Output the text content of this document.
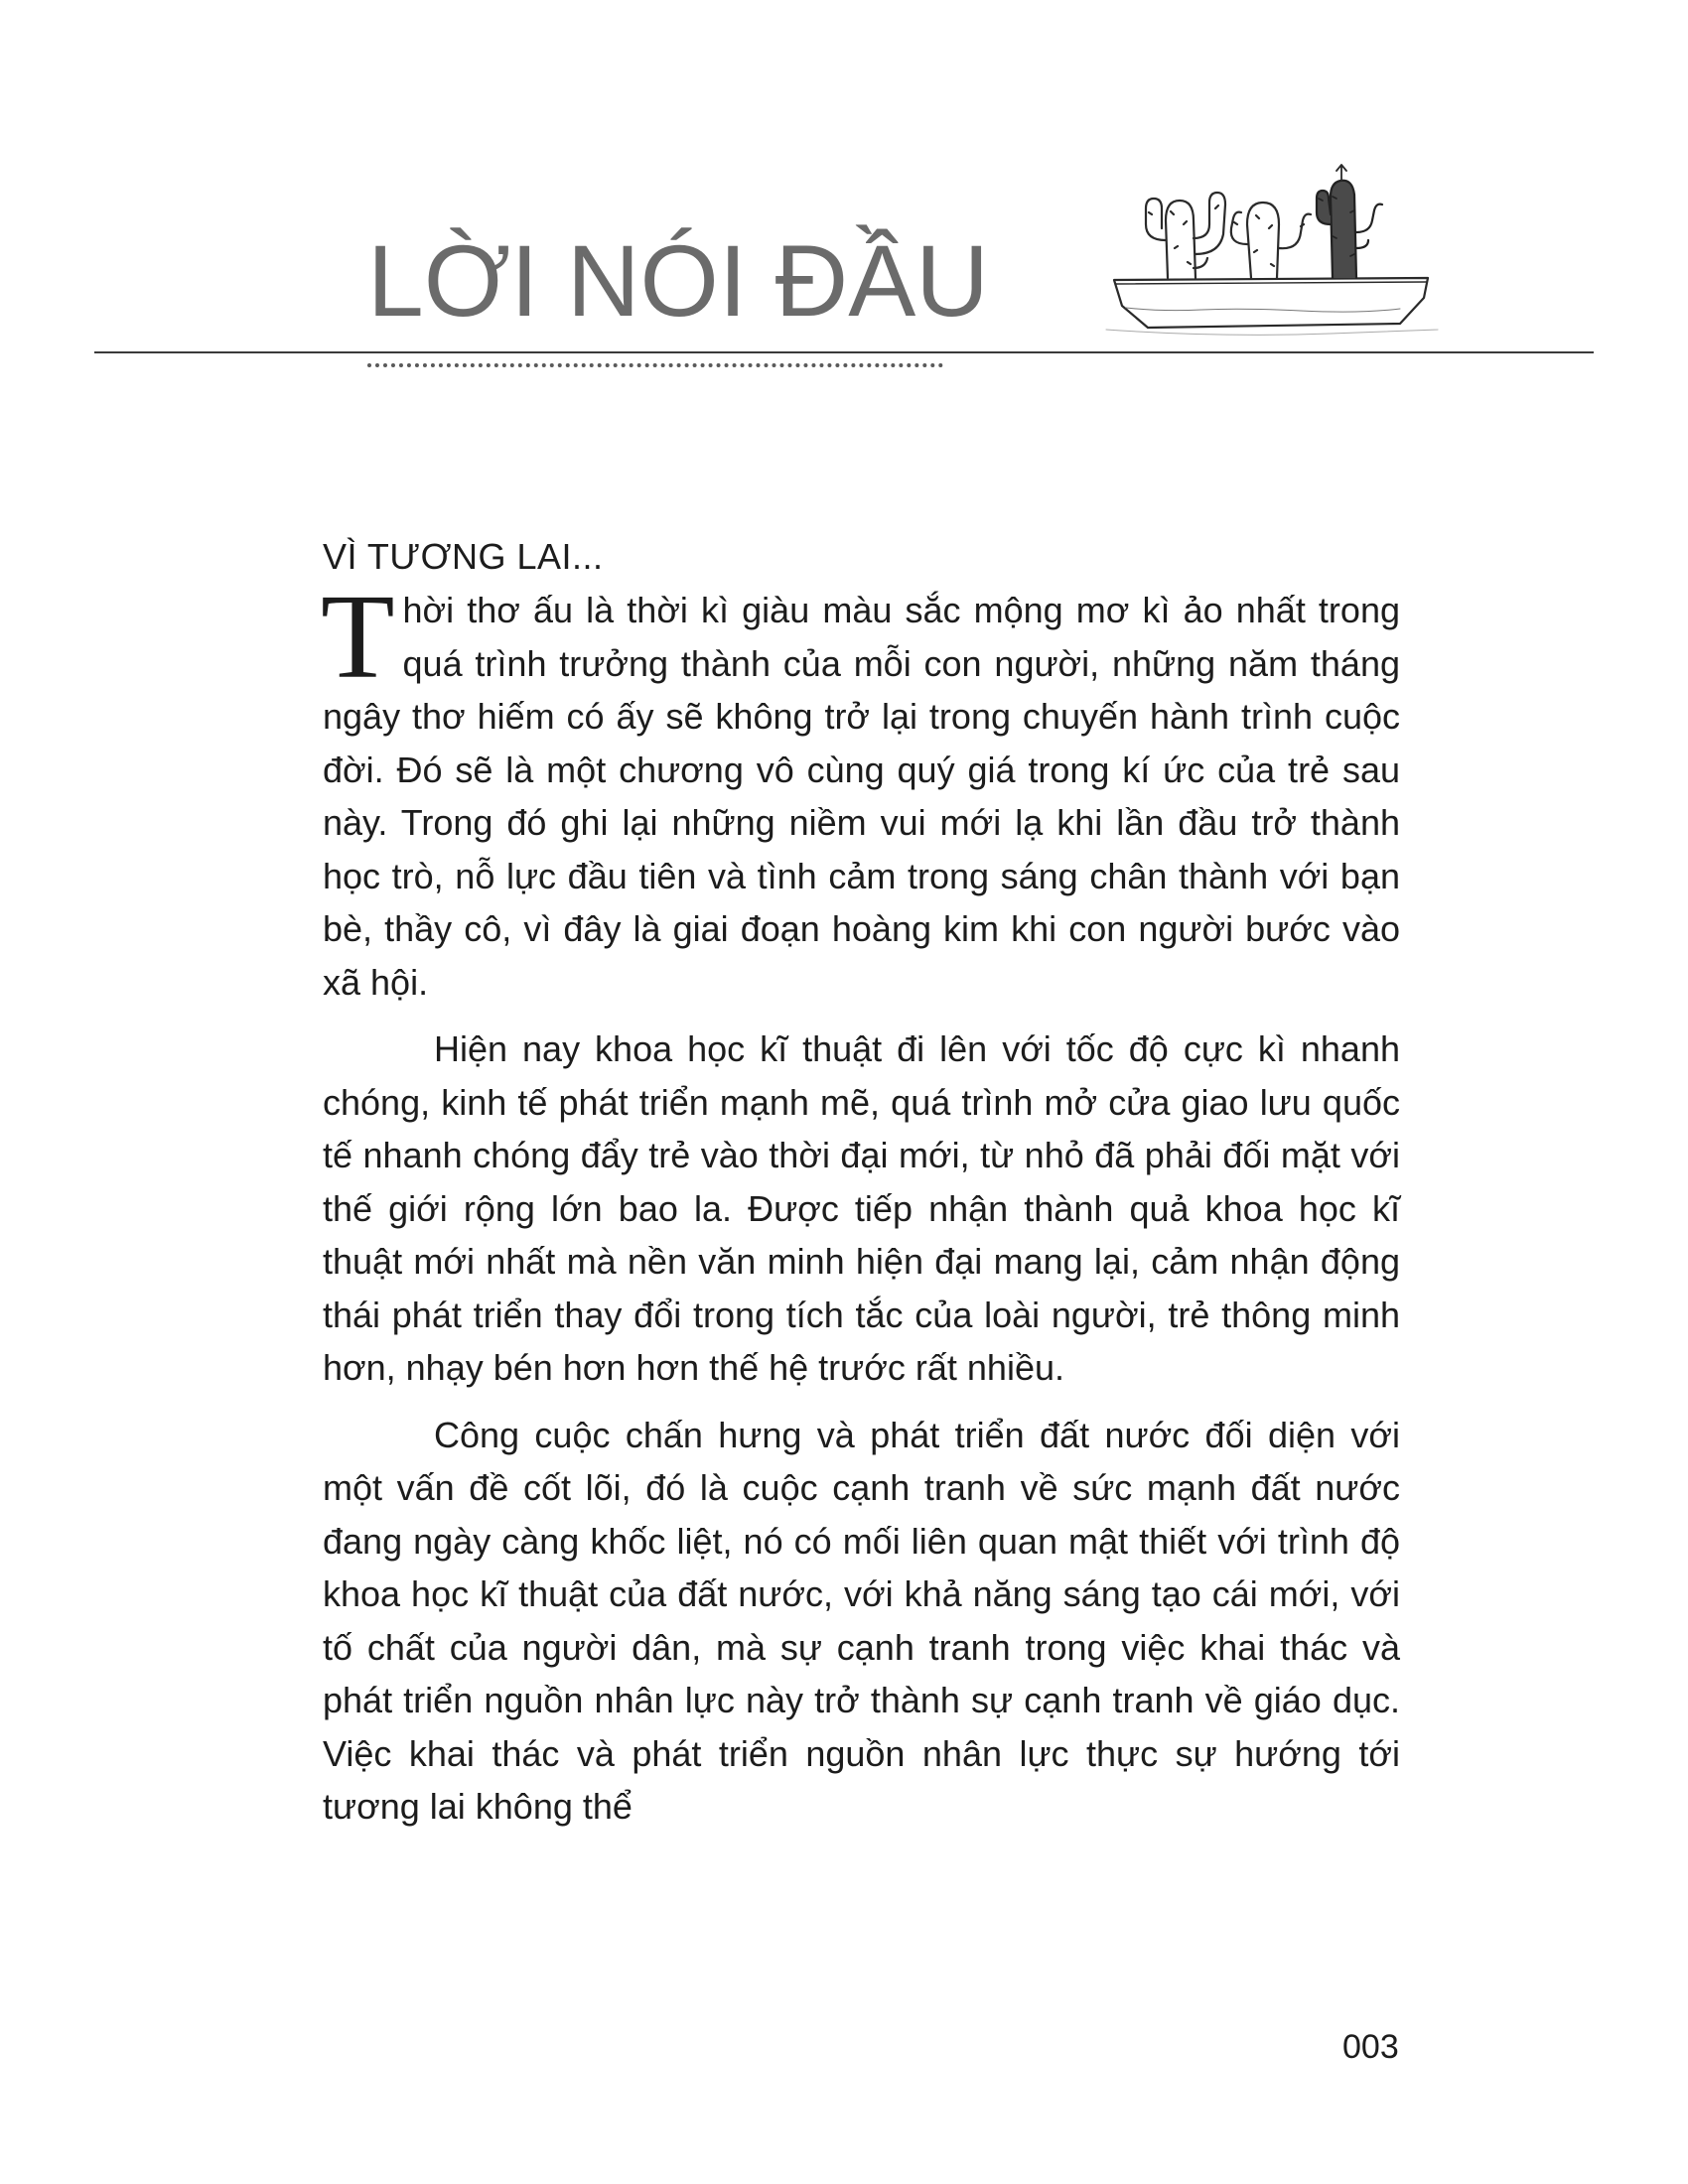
LỜI NÓI ĐẦU
VÌ TƯƠNG LAI...

Thời thơ ấu là thời kì giàu màu sắc mộng mơ kì ảo nhất trong quá trình trưởng thành của mỗi con người, những năm tháng ngây thơ hiếm có ấy sẽ không trở lại trong chuyến hành trình cuộc đời. Đó sẽ là một chương vô cùng quý giá trong kí ức của trẻ sau này. Trong đó ghi lại những niềm vui mới lạ khi lần đầu trở thành học trò, nỗ lực đầu tiên và tình cảm trong sáng chân thành với bạn bè, thầy cô, vì đây là giai đoạn hoàng kim khi con người bước vào xã hội.

Hiện nay khoa học kĩ thuật đi lên với tốc độ cực kì nhanh chóng, kinh tế phát triển mạnh mẽ, quá trình mở cửa giao lưu quốc tế nhanh chóng đẩy trẻ vào thời đại mới, từ nhỏ đã phải đối mặt với thế giới rộng lớn bao la. Được tiếp nhận thành quả khoa học kĩ thuật mới nhất mà nền văn minh hiện đại mang lại, cảm nhận động thái phát triển thay đổi trong tích tắc của loài người, trẻ thông minh hơn, nhạy bén hơn hơn thế hệ trước rất nhiều.

Công cuộc chấn hưng và phát triển đất nước đối diện với một vấn đề cốt lõi, đó là cuộc cạnh tranh về sức mạnh đất nước đang ngày càng khốc liệt, nó có mối liên quan mật thiết với trình độ khoa học kĩ thuật của đất nước, với khả năng sáng tạo cái mới, với tố chất của người dân, mà sự cạnh tranh trong việc khai thác và phát triển nguồn nhân lực này trở thành sự cạnh tranh về giáo dục. Việc khai thác và phát triển nguồn nhân lực thực sự hướng tới tương lai không thể

003
